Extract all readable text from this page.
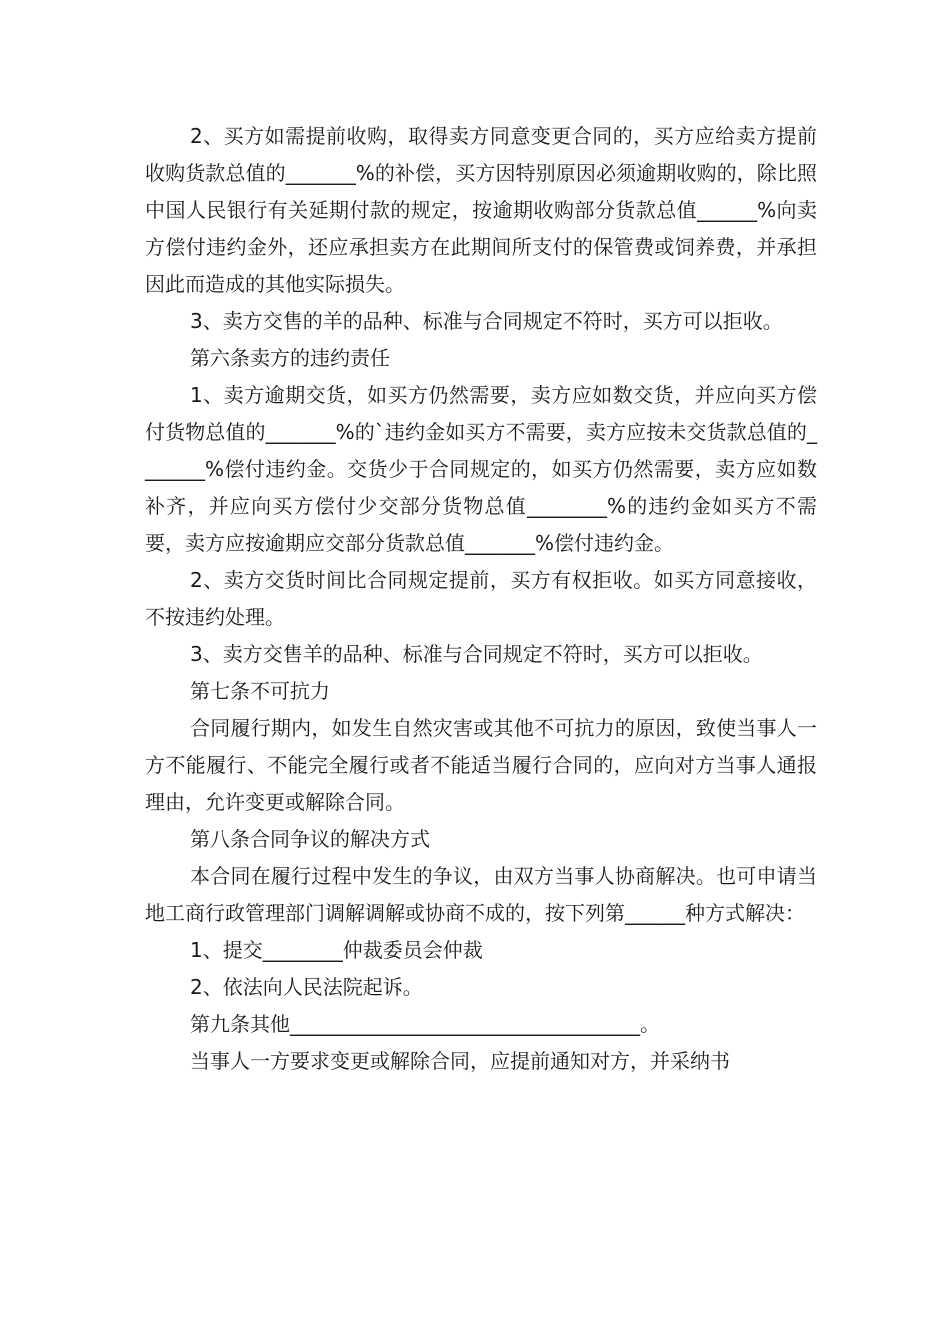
2、买方如需提前收购，取得卖方同意变更合同的，买方应给卖方提前收购货款总值的_______%的补偿，买方因特别原因必须逾期收购的，除比照中国人民银行有关延期付款的规定，按逾期收购部分货款总值______%向卖方偿付违约金外，还应承担卖方在此期间所支付的保管费或饲养费，并承担因此而造成的其他实际损失。

3、卖方交售的羊的品种、标准与合同规定不符时，买方可以拒收。

第六条卖方的违约责任

1、卖方逾期交货，如买方仍然需要，卖方应如数交货，并应向买方偿付货物总值的_______%的`违约金如买方不需要，卖方应按未交货款总值的_______%偿付违约金。交货少于合同规定的，如买方仍然需要，卖方应如数补齐，并应向买方偿付少交部分货物总值________%的违约金如买方不需要，卖方应按逾期应交部分货款总值_______%偿付违约金。

2、卖方交货时间比合同规定提前，买方有权拒收。如买方同意接收，不按违约处理。

3、卖方交售羊的品种、标准与合同规定不符时，买方可以拒收。

第七条不可抗力

合同履行期内，如发生自然灾害或其他不可抗力的原因，致使当事人一方不能履行、不能完全履行或者不能适当履行合同的，应向对方当事人通报理由，允许变更或解除合同。

第八条合同争议的解决方式

本合同在履行过程中发生的争议，由双方当事人协商解决。也可申请当地工商行政管理部门调解调解或协商不成的，按下列第______种方式解决：

1、提交________仲裁委员会仲裁

2、依法向人民法院起诉。

第九条其他___________________________________。

当事人一方要求变更或解除合同，应提前通知对方，并采纳书
